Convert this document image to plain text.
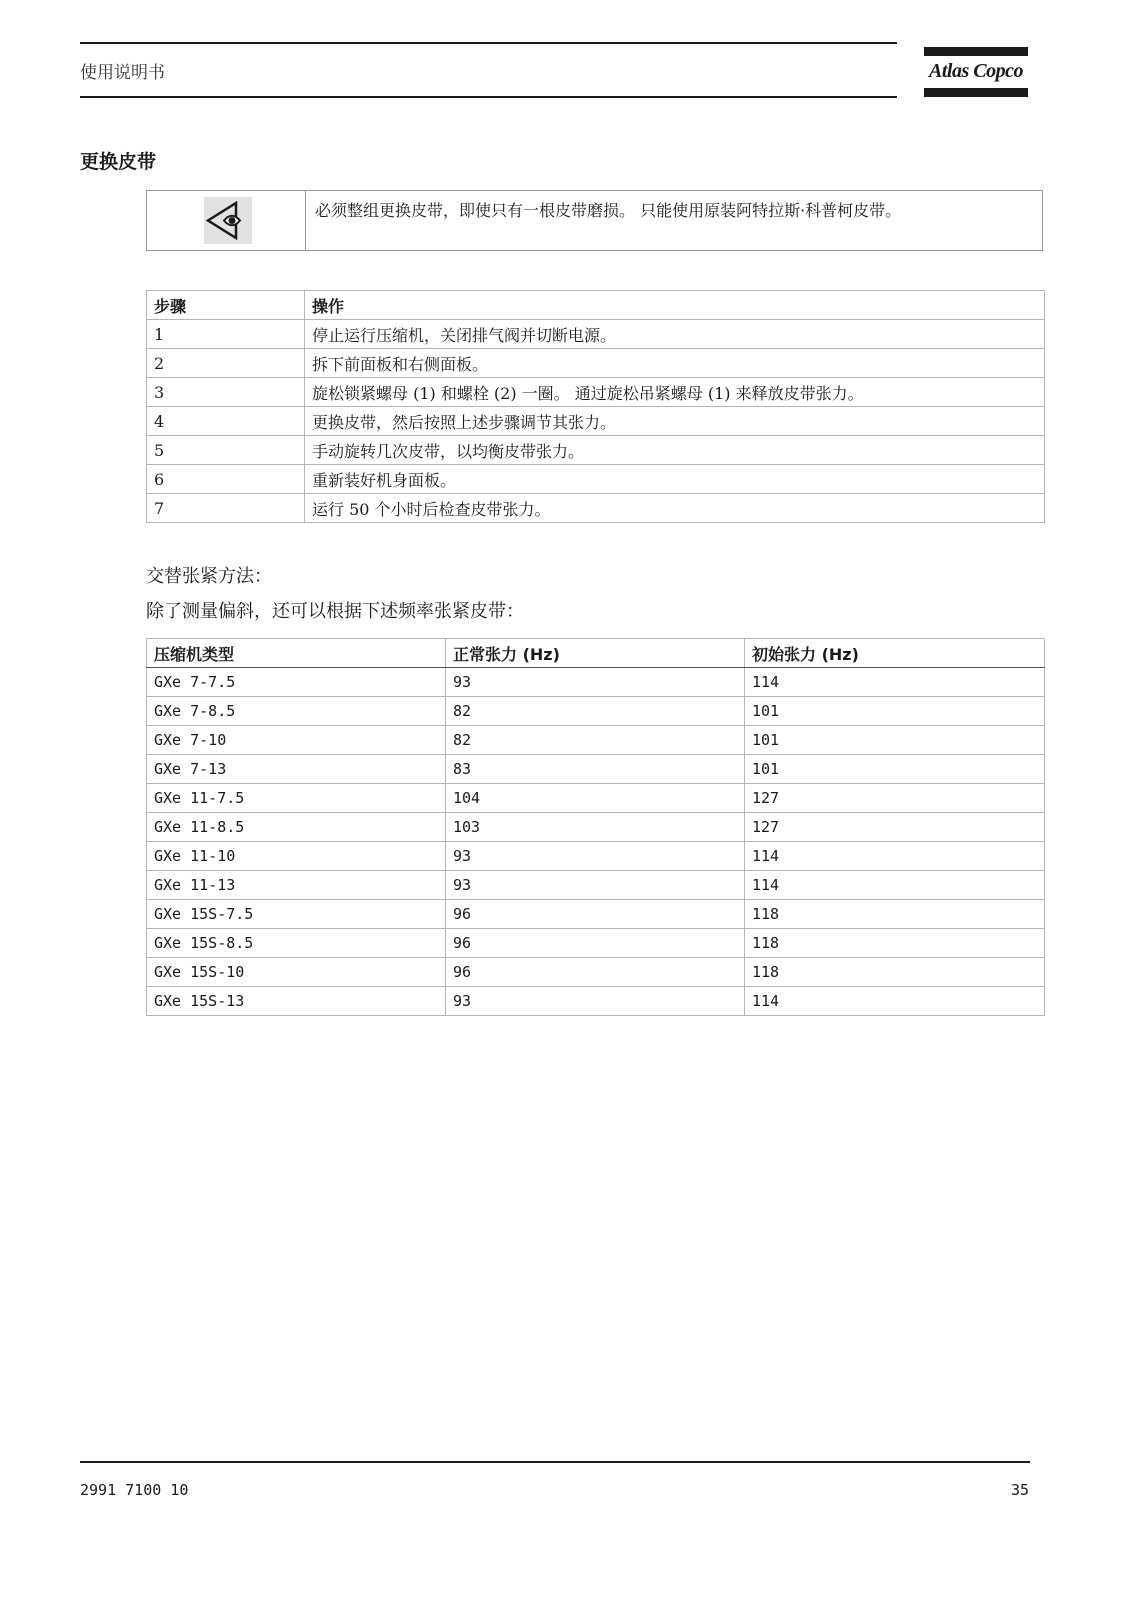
使用说明书	Atlas Copco
更换皮带
必须整组更换皮带，即使只有一根皮带磨损。 只能使用原装阿特拉斯·科普柯皮带。
步骤	操作
1	停止运行压缩机，关闭排气阀并切断电源。
2	拆下前面板和右侧面板。
3	旋松锁紧螺母 (1) 和螺栓 (2) 一圈。 通过旋松吊紧螺母 (1) 来释放皮带张力。
4	更换皮带，然后按照上述步骤调节其张力。
5	手动旋转几次皮带，以均衡皮带张力。
6	重新装好机身面板。
7	运行 50 个小时后检查皮带张力。
交替张紧方法：
除了测量偏斜，还可以根据下述频率张紧皮带：
压缩机类型	正常张力 (Hz)	初始张力 (Hz)
GXe 7-7.5	93	114
GXe 7-8.5	82	101
GXe 7-10	82	101
GXe 7-13	83	101
GXe 11-7.5	104	127
GXe 11-8.5	103	127
GXe 11-10	93	114
GXe 11-13	93	114
GXe 15S-7.5	96	118
GXe 15S-8.5	96	118
GXe 15S-10	96	118
GXe 15S-13	93	114
2991 7100 10	35
